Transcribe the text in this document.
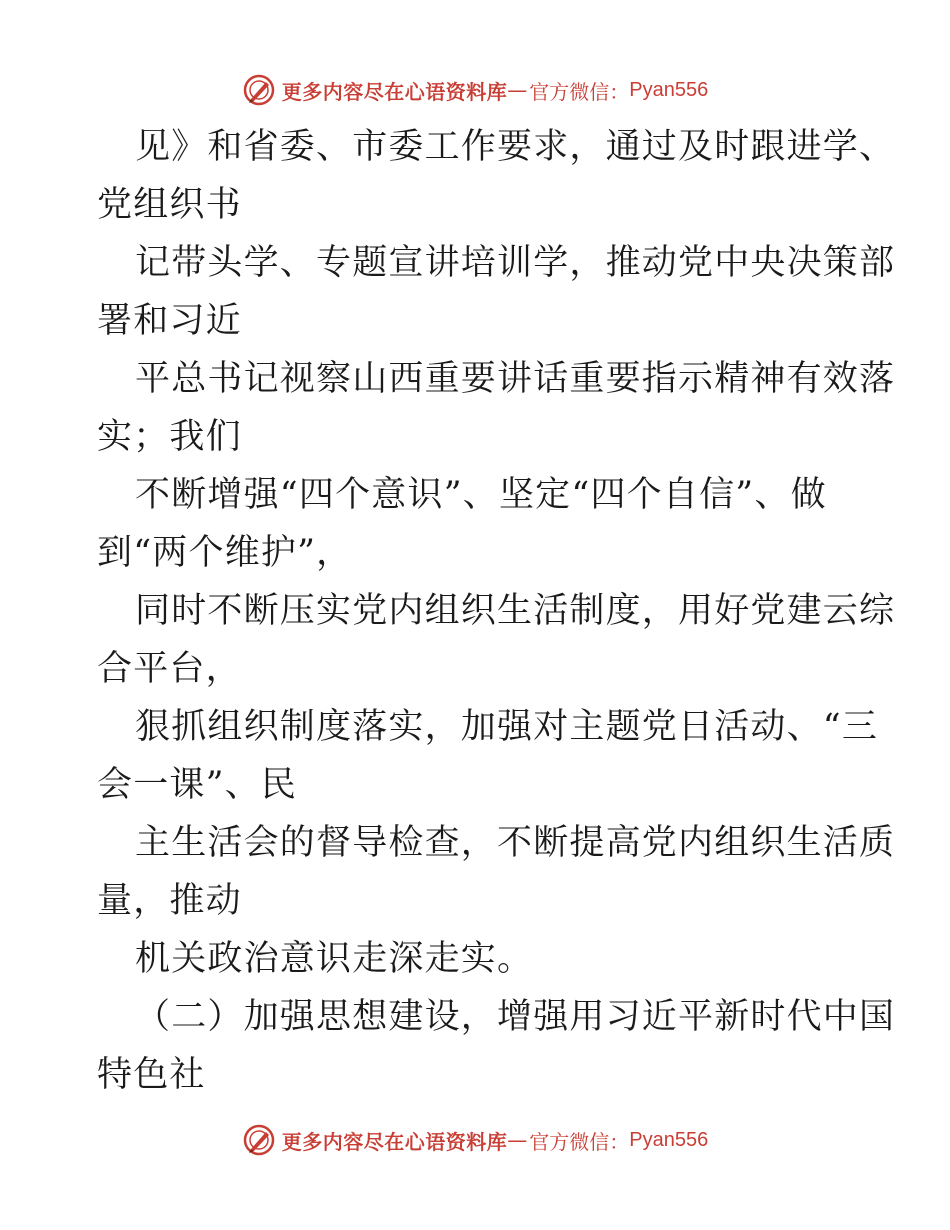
更多内容尽在心语资料库 — 官方微信： Pyan556
见》和省委、市委工作要求，通过及时跟进学、
党组织书
记带头学、专题宣讲培训学，推动党中央决策部
署和习近
平总书记视察山西重要讲话重要指示精神有效落
实；我们
不断增强“四个意识”、坚定“四个自信”、做
到“两个维护”，
同时不断压实党内组织生活制度，用好党建云综
合平台，
狠抓组织制度落实，加强对主题党日活动、“三
会一课”、民
主生活会的督导检查，不断提高党内组织生活质
量，推动
机关政治意识走深走实。
（二）加强思想建设，增强用习近平新时代中国
特色社
更多内容尽在心语资料库 — 官方微信： Pyan556
